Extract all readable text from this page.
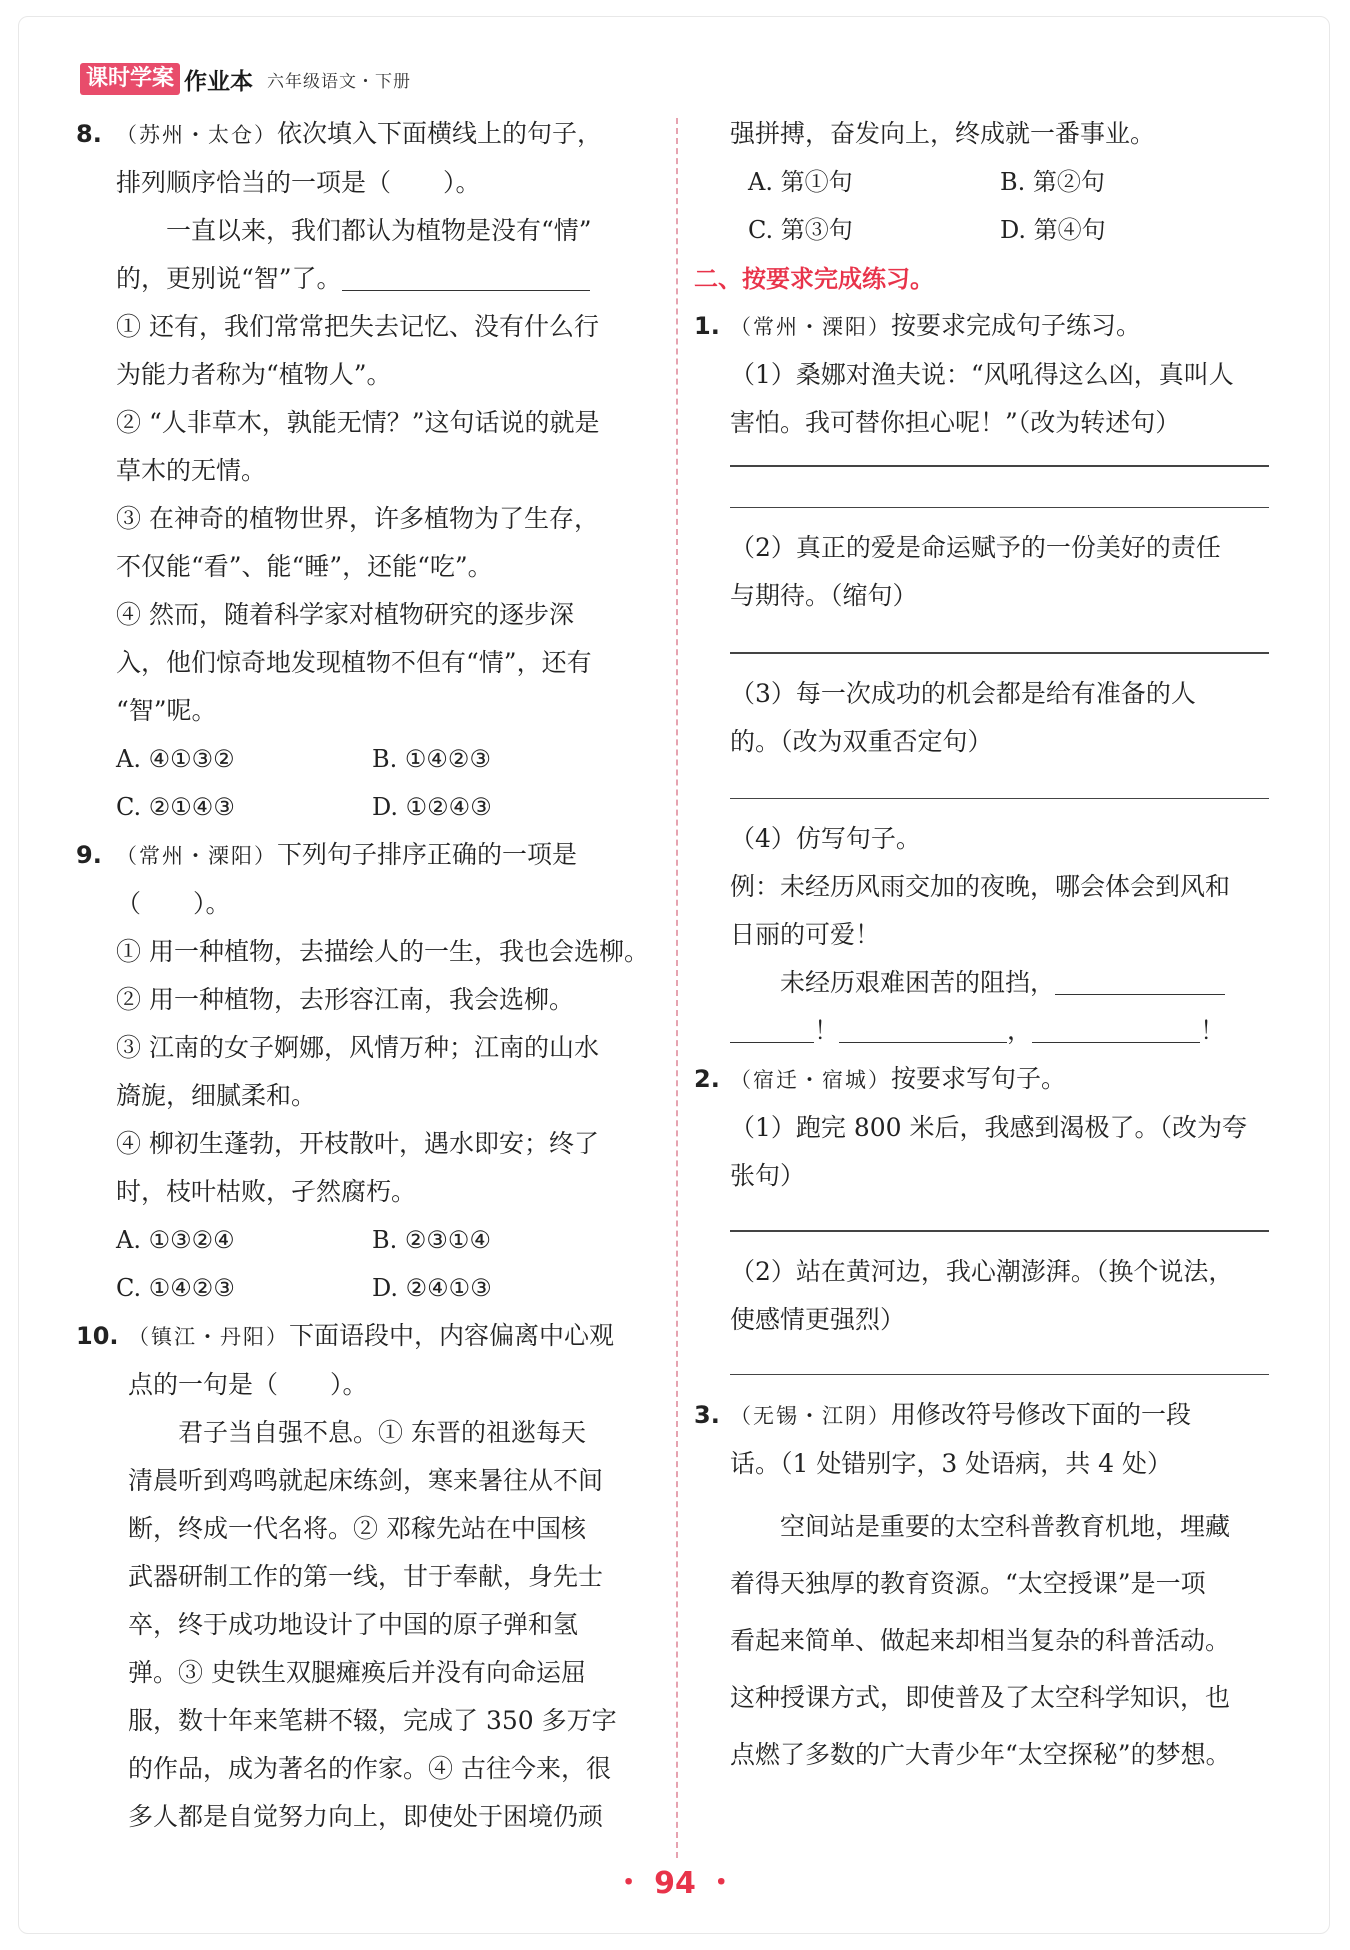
课时学案 作业本 六年级语文・下册

8. （苏州・太仓）依次填入下面横线上的句子，

排列顺序恰当的一项是（ ）。

一直以来，我们都认为植物是没有“情”

的，更别说“智”了。

① 还有，我们常常把失去记忆、没有什么行

为能力者称为“植物人”。

② “人非草木，孰能无情？”这句话说的就是

草木的无情。

③ 在神奇的植物世界，许多植物为了生存，

不仅能“看”、能“睡”，还能“吃”。

④ 然而，随着科学家对植物研究的逐步深

入，他们惊奇地发现植物不但有“情”，还有

“智”呢。

A. ④①③②	B. ①④②③
C. ②①④③	D. ①②④③

9. （常州・溧阳）下列句子排序正确的一项是

（ ）。

① 用一种植物，去描绘人的一生，我也会选柳。

② 用一种植物，去形容江南，我会选柳。

③ 江南的女子婀娜，风情万种；江南的山水

旖旎，细腻柔和。

④ 柳初生蓬勃，开枝散叶，遇水即安；终了

时，枝叶枯败，孑然腐朽。

A. ①③②④	B. ②③①④
C. ①④②③	D. ②④①③

10. （镇江・丹阳）下面语段中，内容偏离中心观

点的一句是（ ）。

君子当自强不息。① 东晋的祖逖每天

清晨听到鸡鸣就起床练剑，寒来暑往从不间

断，终成一代名将。② 邓稼先站在中国核

武器研制工作的第一线，甘于奉献，身先士

卒，终于成功地设计了中国的原子弹和氢

弹。③ 史铁生双腿瘫痪后并没有向命运屈

服，数十年来笔耕不辍，完成了 350 多万字

的作品，成为著名的作家。④ 古往今来，很

多人都是自觉努力向上，即使处于困境仍顽

强拼搏，奋发向上，终成就一番事业。

A. 第①句	B. 第②句
C. 第③句	D. 第④句

二、按要求完成练习。

1. （常州・溧阳）按要求完成句子练习。

（1）桑娜对渔夫说：“风吼得这么凶，真叫人

害怕。我可替你担心呢！”（改为转述句）

（2）真正的爱是命运赋予的一份美好的责任

与期待。（缩句）

（3）每一次成功的机会都是给有准备的人

的。（改为双重否定句）

（4）仿写句子。

例：未经历风雨交加的夜晚，哪会体会到风和

日丽的可爱！

未经历艰难困苦的阻挡，

！	，	！

2. （宿迁・宿城）按要求写句子。

（1）跑完 800 米后，我感到渴极了。（改为夸

张句）

（2）站在黄河边，我心潮澎湃。（换个说法，

使感情更强烈）

3. （无锡・江阴）用修改符号修改下面的一段

话。（1 处错别字，3 处语病，共 4 处）

空间站是重要的太空科普教育机地，埋藏

着得天独厚的教育资源。“太空授课”是一项

看起来简单、做起来却相当复杂的科普活动。

这种授课方式，即使普及了太空科学知识，也

点燃了多数的广大青少年“太空探秘”的梦想。

・ 94 ・
